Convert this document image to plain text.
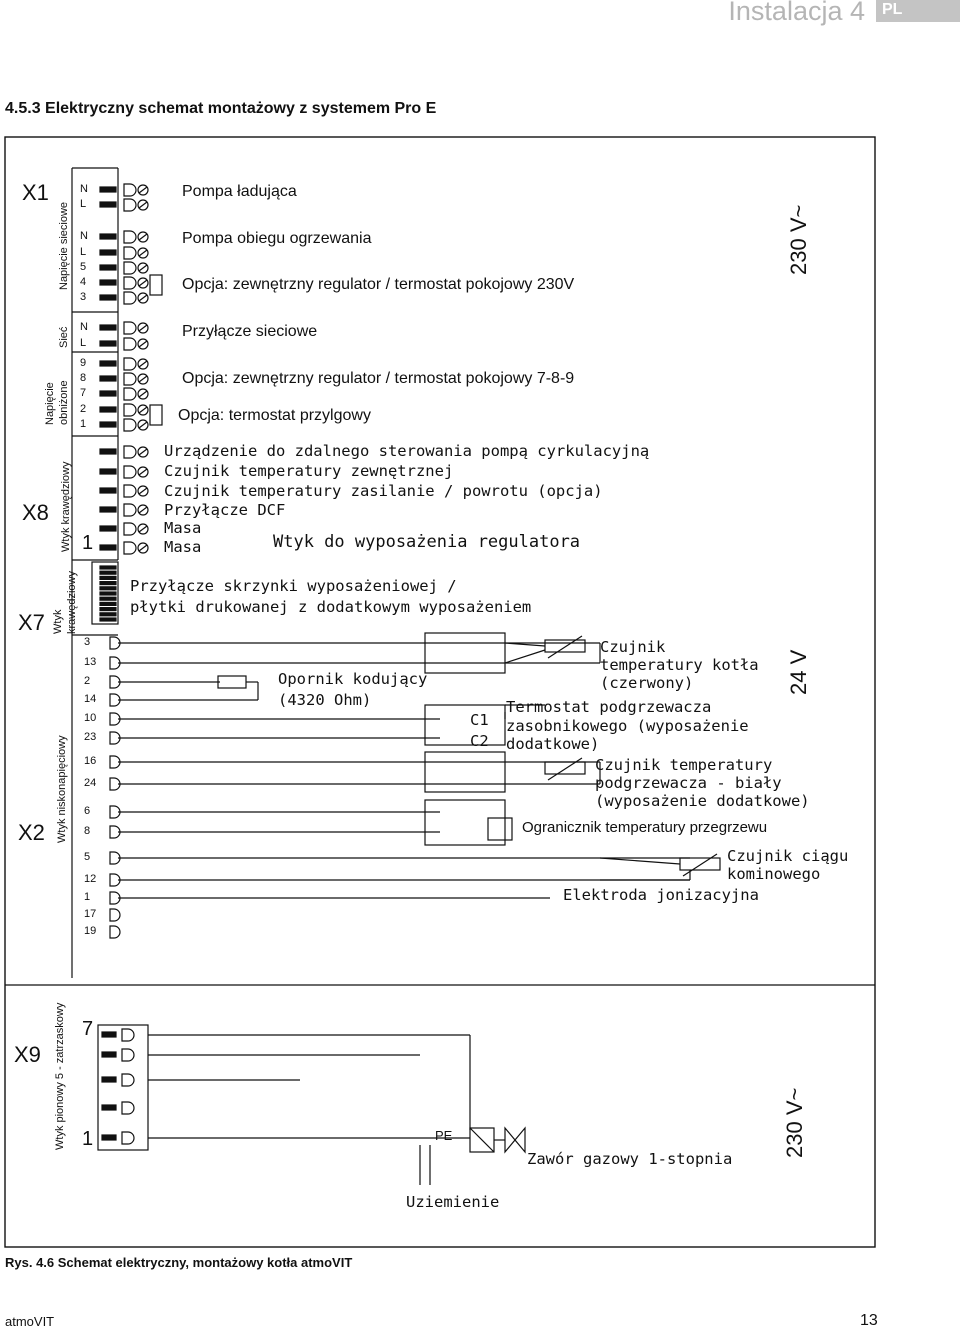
Instalacja 4 PL
4.5.3 Elektryczny schemat montażowy z systemem Pro E
X1
X8
X7
X2
X9
Napięcie sieciowe
Sieć
Napięcie obniżone
Wtyk krawędziowy
Wtyk krawędziowy
Wtyk niskonapięciowy
Wtyk pionowy 5 - zatrzaskowy
230 V~
24 V
230 V~
N
L
N
L
5
4
3
N
L
9
8
7
2
1
3
13
2
14
10
23
16
24
6
8
5
12
1
17
19
1
7
1
Pompa ładująca
Pompa obiegu ogrzewania
Opcja: zewnętrzny regulator / termostat pokojowy 230V
Przyłącze sieciowe
Opcja: zewnętrzny regulator / termostat pokojowy 7-8-9
Opcja: termostat przylgowy
Urządzenie do zdalnego sterowania pompą cyrkulacyjną
Czujnik temperatury zewnętrznej
Czujnik temperatury zasilanie / powrotu (opcja)
Przyłącze DCF
Masa
Masa	Wtyk do wyposażenia regulatora
Przyłącze skrzynki wyposażeniowej /
płytki drukowanej z dodatkowym wyposażeniem
Opornik kodujący
(4320 Ohm)
C1
C2
Czujnik
temperatury kotła
(czerwony)
Termostat podgrzewacza
zasobnikowego (wyposażenie
dodatkowe)
Czujnik temperatury
podgrzewacza - biały
(wyposażenie dodatkowe)
Ogranicznik temperatury przegrzewu
Czujnik ciągu
kominowego
Elektroda jonizacyjna
PE
Zawór gazowy 1-stopnia
Uziemienie
Rys. 4.6 Schemat elektryczny, montażowy kotła atmoVIT
atmoVIT	13
